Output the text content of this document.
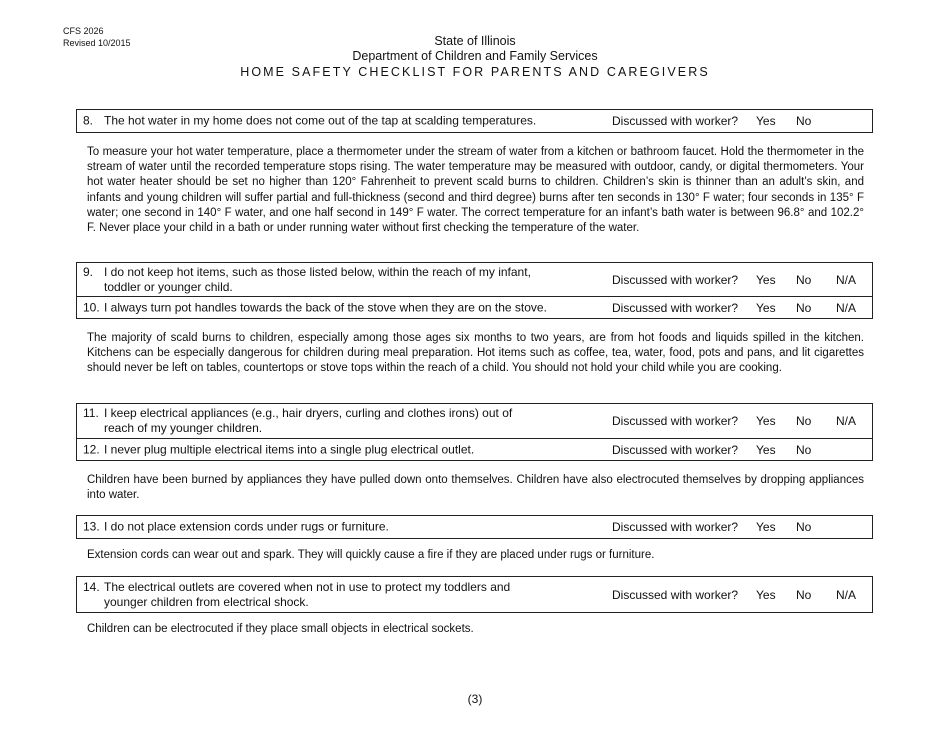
CFS 2026
Revised 10/2015	State of Illinois
Department of Children and Family Services
HOME SAFETY CHECKLIST FOR PARENTS AND CAREGIVERS
8. The hot water in my home does not come out of the tap at scalding temperatures.	Discussed with worker? Yes No
To measure your hot water temperature, place a thermometer under the stream of water from a kitchen or bathroom faucet. Hold the thermometer in the stream of water until the recorded temperature stops rising. The water temperature may be measured with outdoor, candy, or digital thermometers. Your hot water heater should be set no higher than 120° Fahrenheit to prevent scald burns to children. Children’s skin is thinner than an adult’s skin, and infants and young children will suffer partial and full-thickness (second and third degree) burns after ten seconds in 130° F water; four seconds in 135° F water; one second in 140° F water, and one half second in 149° F water. The correct temperature for an infant’s bath water is between 96.8° and 102.2° F. Never place your child in a bath or under running water without first checking the temperature of the water.
9. I do not keep hot items, such as those listed below, within the reach of my infant,
toddler or younger child.	Discussed with worker? Yes No N/A
10. I always turn pot handles towards the back of the stove when they are on the stove.	Discussed with worker? Yes No N/A
The majority of scald burns to children, especially among those ages six months to two years, are from hot foods and liquids spilled in the kitchen. Kitchens can be especially dangerous for children during meal preparation. Hot items such as coffee, tea, water, food, pots and pans, and lit cigarettes should never be left on tables, countertops or stove tops within the reach of a child. You should not hold your child while you are cooking.
11. I keep electrical appliances (e.g., hair dryers, curling and clothes irons) out of
reach of my younger children.	Discussed with worker? Yes No N/A
12. I never plug multiple electrical items into a single plug electrical outlet.	Discussed with worker? Yes No
Children have been burned by appliances they have pulled down onto themselves. Children have also electrocuted themselves by dropping appliances into water.
13. I do not place extension cords under rugs or furniture.	Discussed with worker? Yes No
Extension cords can wear out and spark. They will quickly cause a fire if they are placed under rugs or furniture.
14. The electrical outlets are covered when not in use to protect my toddlers and
younger children from electrical shock.	Discussed with worker? Yes No N/A
Children can be electrocuted if they place small objects in electrical sockets.
(3)
